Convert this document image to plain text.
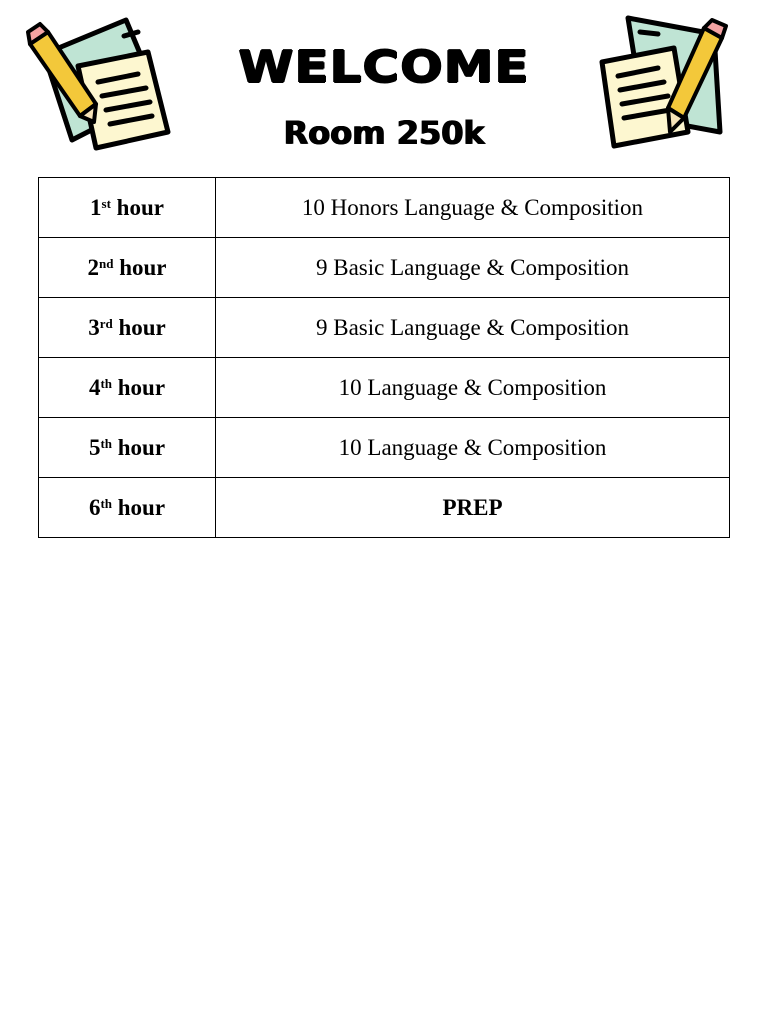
WELCOME
Room 250k
1st hour	10 Honors Language & Composition
2nd hour	9 Basic Language & Composition
3rd hour	9 Basic Language & Composition
4th hour	10 Language & Composition
5th hour	10 Language & Composition
6th hour	PREP
